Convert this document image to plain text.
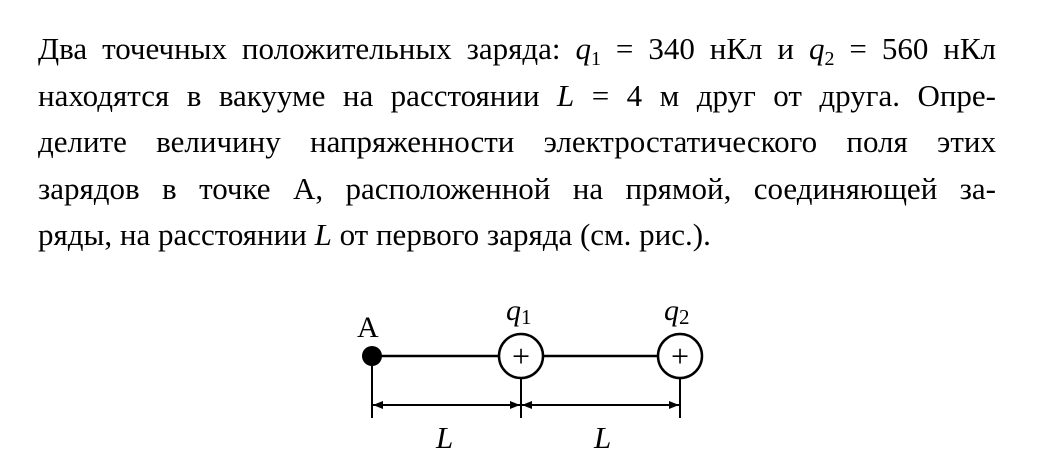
Два точечных положительных заряда: $q_1 = 340$ нКл и $q_2 = 560$ нКл
находятся в вакууме на расстоянии L = 4 м друг от друга. Опре-
делите величину напряженности электростатического поля этих
зарядов в точке А, расположенной на прямой, соединяющей за-
ряды, на расстоянии L от первого заряда (см. рис.).
A
+
q1
+
q2
L	L
